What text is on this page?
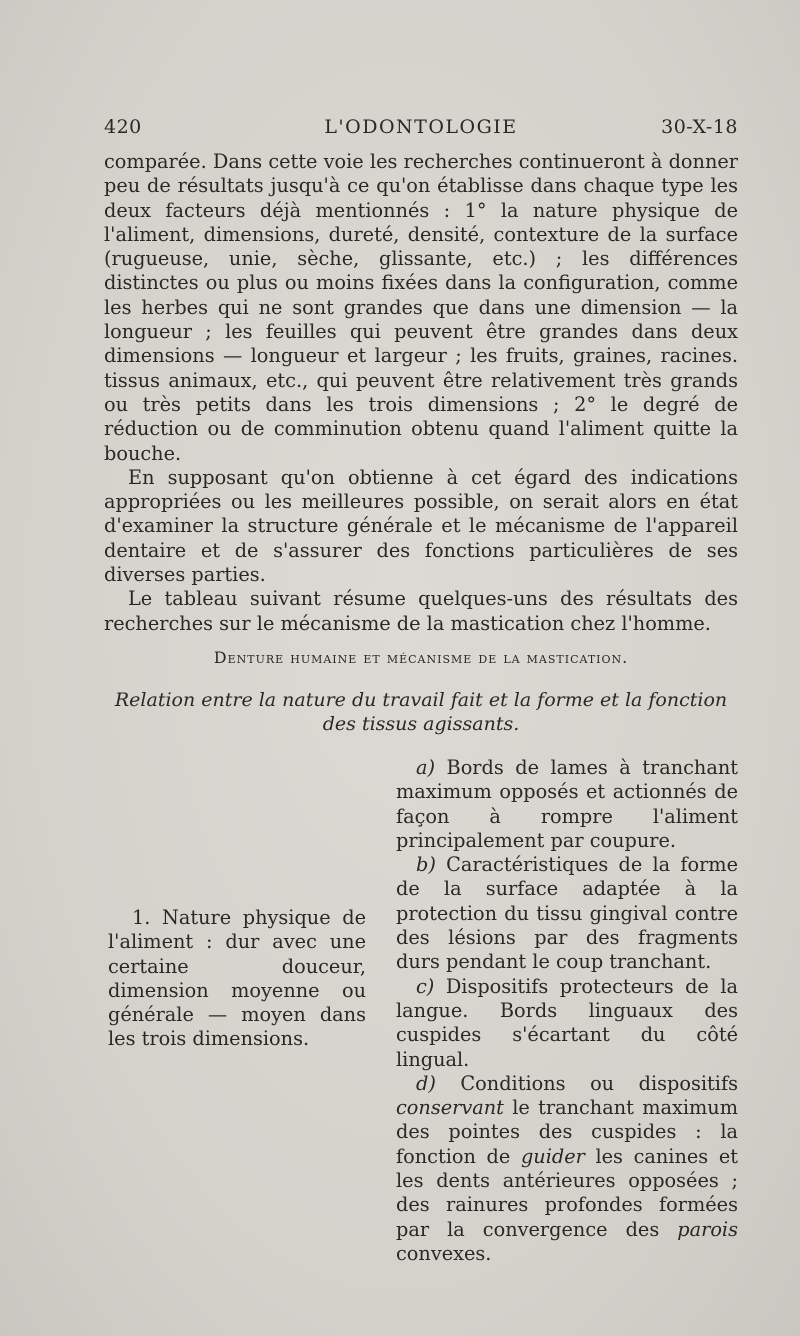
420	L'ODONTOLOGIE	30-X-18

comparée. Dans cette voie les recherches continueront à donner peu de résultats jusqu'à ce qu'on établisse dans chaque type les deux facteurs déjà mentionnés : 1° la nature physique de l'aliment, dimensions, dureté, densité, contexture de la surface (rugueuse, unie, sèche, glissante, etc.) ; les différences distinctes ou plus ou moins fixées dans la configuration, comme les herbes qui ne sont grandes que dans une dimension — la longueur ; les feuilles qui peuvent être grandes dans deux dimensions — longueur et largeur ; les fruits, graines, racines. tissus animaux, etc., qui peuvent être relativement très grands ou très petits dans les trois dimensions ; 2° le degré de réduction ou de comminution obtenu quand l'aliment quitte la bouche.

En supposant qu'on obtienne à cet égard des indications appropriées ou les meilleures possible, on serait alors en état d'examiner la structure générale et le mécanisme de l'appareil dentaire et de s'assurer des fonctions particulières de ses diverses parties.

Le tableau suivant résume quelques-uns des résultats des recherches sur le mécanisme de la mastication chez l'homme.

Denture humaine et mécanisme de la mastication.
Relation entre la nature du travail fait et la forme et la fonction des tissus agissants.

1. Nature physique de l'aliment : dur avec une certaine douceur, dimension moyenne ou générale — moyen dans les trois dimensions.

a) Bords de lames à tranchant maximum opposés et actionnés de façon à rompre l'aliment principalement par coupure.

b) Caractéristiques de la forme de la surface adaptée à la protection du tissu gingival contre des lésions par des fragments durs pendant le coup tranchant.

c) Dispositifs protecteurs de la langue. Bords linguaux des cuspides s'écartant du côté lingual.

d) Conditions ou dispositifs conservant le tranchant maximum des pointes des cuspides : la fonction de guider les canines et les dents antérieures opposées ; des rainures profondes formées par la convergence des parois convexes.
